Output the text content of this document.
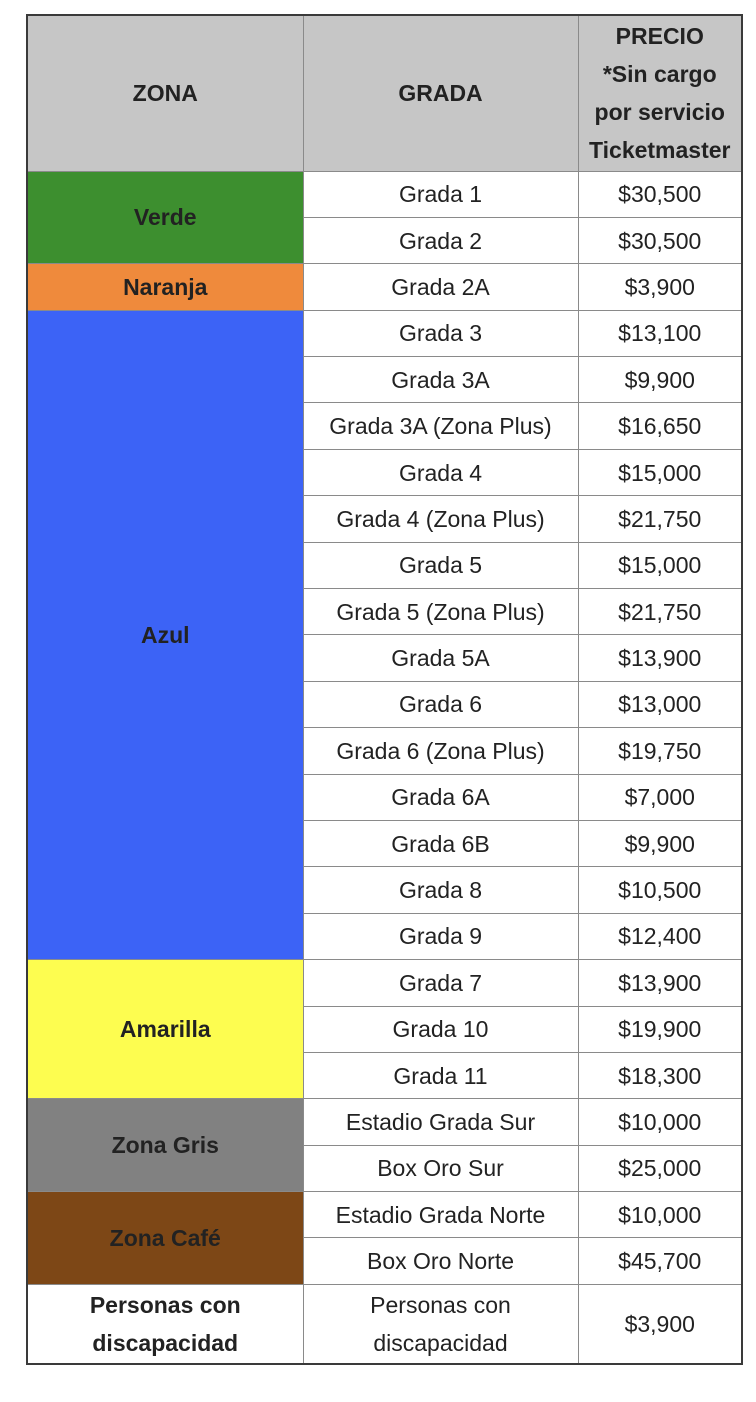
ZONA	GRADA	PRECIO
*Sin cargo
por servicio
Ticketmaster

Verde	Grada 1	$30,500
	Grada 2	$30,500
Naranja	Grada 2A	$3,900
Azul	Grada 3	$13,100
	Grada 3A	$9,900
	Grada 3A (Zona Plus)	$16,650
	Grada 4	$15,000
	Grada 4 (Zona Plus)	$21,750
	Grada 5	$15,000
	Grada 5 (Zona Plus)	$21,750
	Grada 5A	$13,900
	Grada 6	$13,000
	Grada 6 (Zona Plus)	$19,750
	Grada 6A	$7,000
	Grada 6B	$9,900
	Grada 8	$10,500
	Grada 9	$12,400
Amarilla	Grada 7	$13,900
	Grada 10	$19,900
	Grada 11	$18,300
Zona Gris	Estadio Grada Sur	$10,000
	Box Oro Sur	$25,000
Zona Café	Estadio Grada Norte	$10,000
	Box Oro Norte	$45,700
Personas con discapacidad	Personas con discapacidad	$3,900
